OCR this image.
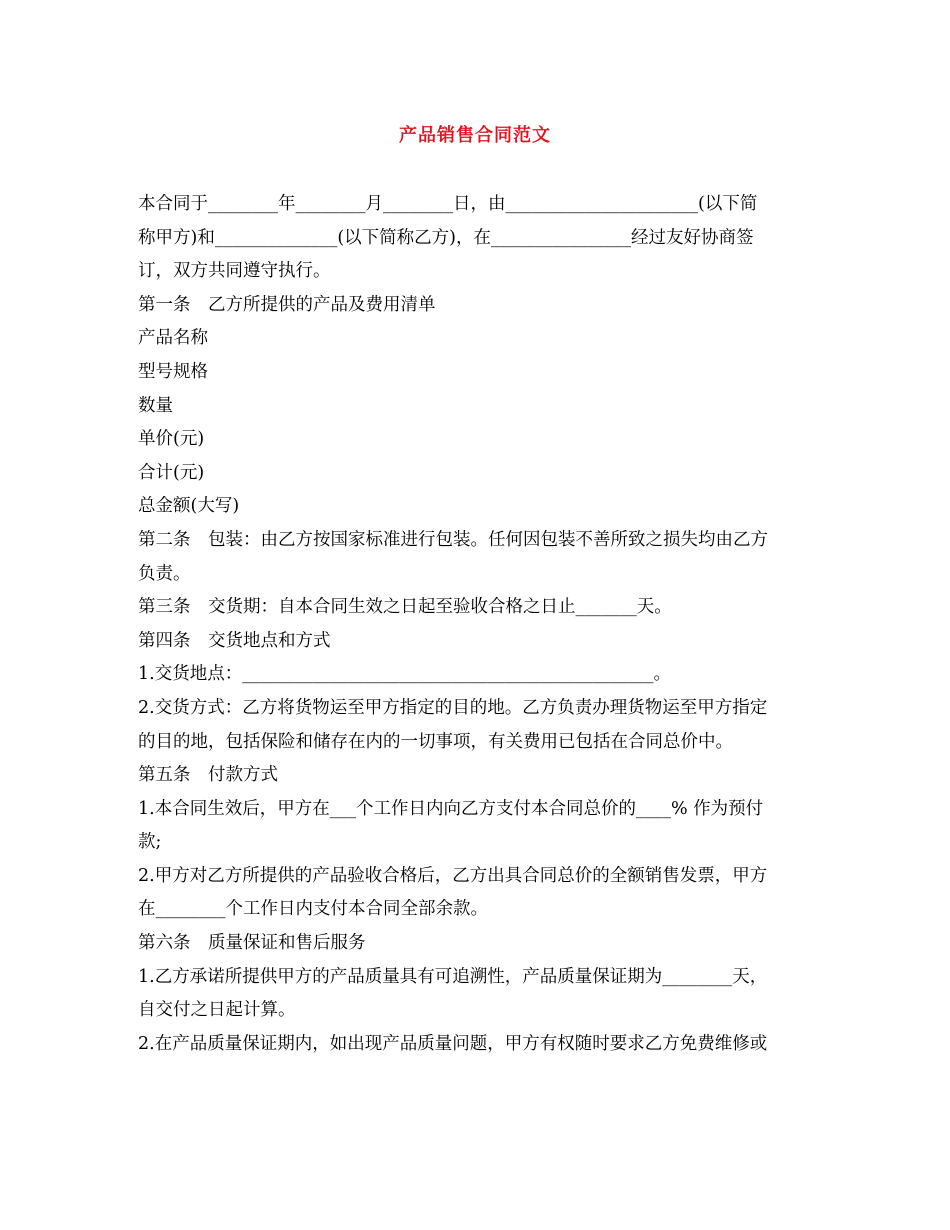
产品销售合同范文
本合同于________年________月________日，由______________________(以下简
称甲方)和______________(以下简称乙方)，在________________经过友好协商签
订，双方共同遵守执行。
第一条　乙方所提供的产品及费用清单
产品名称
型号规格
数量
单价(元)
合计(元)
总金额(大写)
第二条　包装：由乙方按国家标准进行包装。任何因包装不善所致之损失均由乙方
负责。
第三条　交货期：自本合同生效之日起至验收合格之日止_______天。
第四条　交货地点和方式
1.交货地点：_______________________________________________。
2.交货方式：乙方将货物运至甲方指定的目的地。乙方负责办理货物运至甲方指定
的目的地，包括保险和储存在内的一切事项，有关费用已包括在合同总价中。
第五条　付款方式
1.本合同生效后，甲方在___个工作日内向乙方支付本合同总价的____% 作为预付
款;
2.甲方对乙方所提供的产品验收合格后，乙方出具合同总价的全额销售发票，甲方
在________个工作日内支付本合同全部余款。
第六条　质量保证和售后服务
1.乙方承诺所提供甲方的产品质量具有可追溯性，产品质量保证期为________天，
自交付之日起计算。
2.在产品质量保证期内，如出现产品质量问题，甲方有权随时要求乙方免费维修或
